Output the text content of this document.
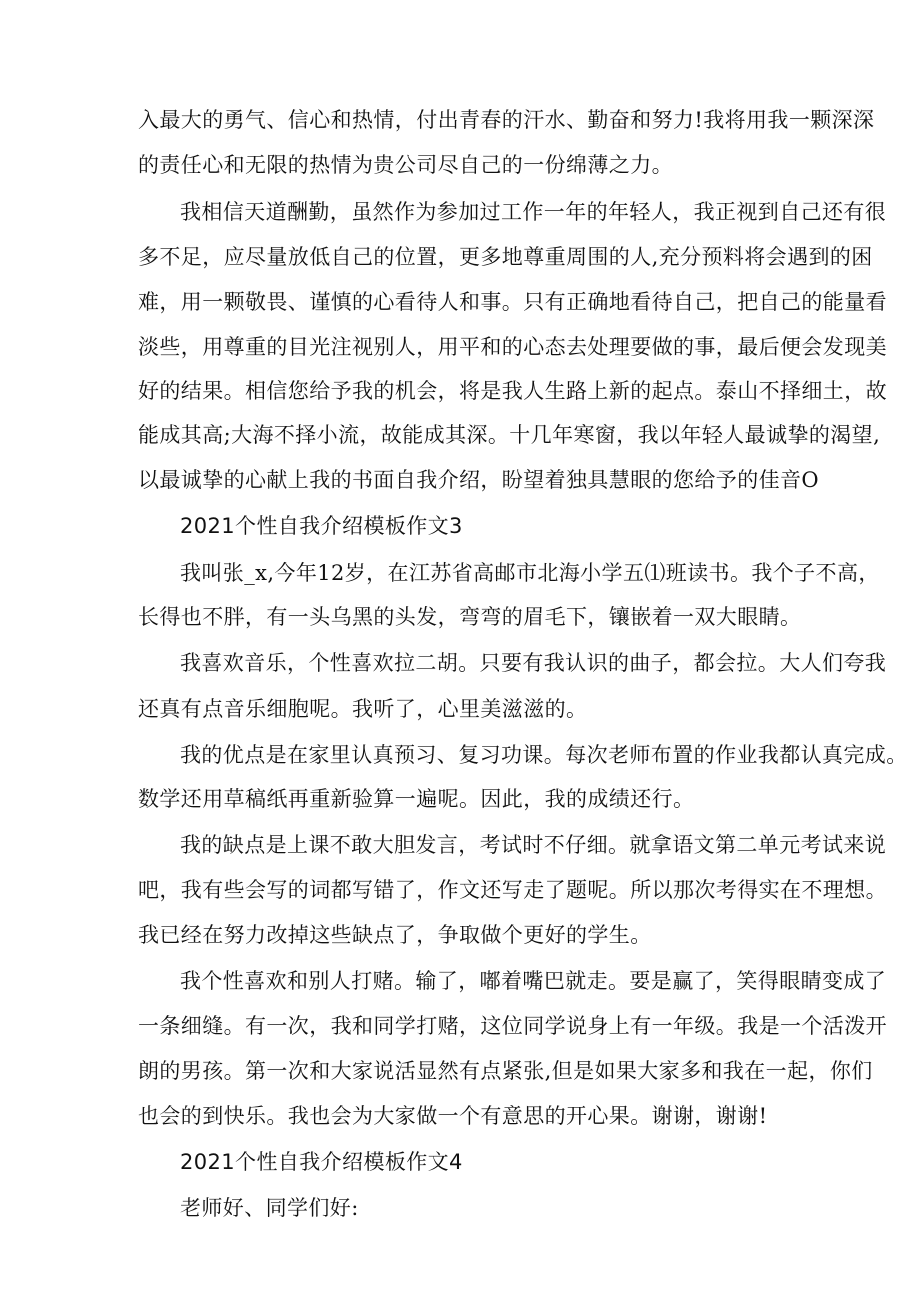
入最大的勇气、信心和热情，付出青春的汗水、勤奋和努力!我将用我一颗深深
的责任心和无限的热情为贵公司尽自己的一份绵薄之力。
我相信天道酬勤，虽然作为参加过工作一年的年轻人，我正视到自己还有很
多不足，应尽量放低自己的位置，更多地尊重周围的人,充分预料将会遇到的困
难，用一颗敬畏、谨慎的心看待人和事。只有正确地看待自己，把自己的能量看
淡些，用尊重的目光注视别人，用平和的心态去处理要做的事，最后便会发现美
好的结果。相信您给予我的机会，将是我人生路上新的起点。泰山不择细土，故
能成其高;大海不择小流，故能成其深。十几年寒窗，我以年轻人最诚挚的渴望,
以最诚挚的心献上我的书面自我介绍，盼望着独具慧眼的您给予的佳音O
2021个性自我介绍模板作文3
我叫张_x,今年12岁，在江苏省高邮市北海小学五⑴班读书。我个子不高，
长得也不胖，有一头乌黑的头发，弯弯的眉毛下，镶嵌着一双大眼睛。
我喜欢音乐，个性喜欢拉二胡。只要有我认识的曲子，都会拉。大人们夸我
还真有点音乐细胞呢。我听了，心里美滋滋的。
我的优点是在家里认真预习、复习功课。每次老师布置的作业我都认真完成。
数学还用草稿纸再重新验算一遍呢。因此，我的成绩还行。
我的缺点是上课不敢大胆发言，考试时不仔细。就拿语文第二单元考试来说
吧，我有些会写的词都写错了，作文还写走了题呢。所以那次考得实在不理想。
我已经在努力改掉这些缺点了，争取做个更好的学生。
我个性喜欢和别人打赌。输了，嘟着嘴巴就走。要是赢了，笑得眼睛变成了
一条细缝。有一次，我和同学打赌，这位同学说身上有一年级。我是一个活泼开
朗的男孩。第一次和大家说活显然有点紧张,但是如果大家多和我在一起，你们
也会的到快乐。我也会为大家做一个有意思的开心果。谢谢，谢谢!
2021个性自我介绍模板作文4
老师好、同学们好:
